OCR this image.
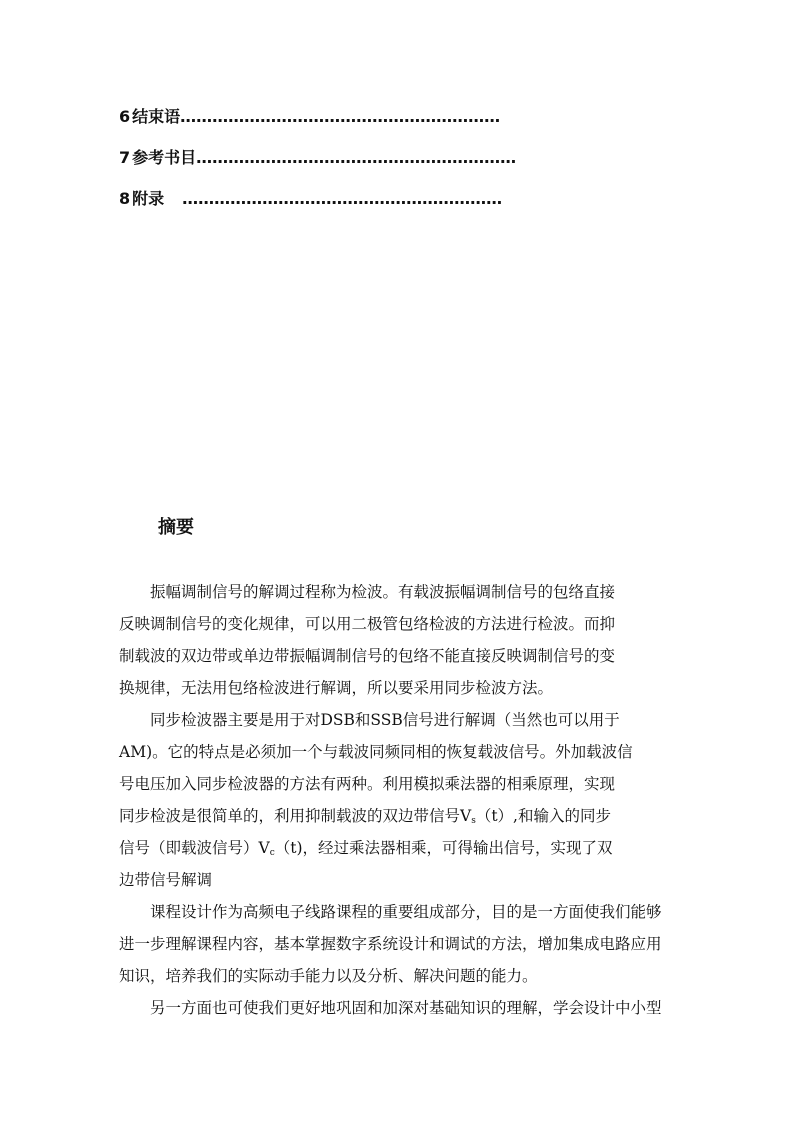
6 结束语 ……………………………………………………
7 参考书目 ……………………………………………………
8 附录 ……………………………………………………
摘要
振幅调制信号的解调过程称为检波。有载波振幅调制信号的包络直接
反映调制信号的变化规律，可以用二极管包络检波的方法进行检波。而抑
制载波的双边带或单边带振幅调制信号的包络不能直接反映调制信号的变
换规律，无法用包络检波进行解调，所以要采用同步检波方法。
同步检波器主要是用于对DSB和SSB信号进行解调（当然也可以用于
AM)。它的特点是必须加一个与载波同频同相的恢复载波信号。外加载波信
号电压加入同步检波器的方法有两种。利用模拟乘法器的相乘原理，实现
同步检波是很简单的，利用抑制载波的双边带信号$V_s(t)$,和输入的同步
信号（即载波信号）$V_c(t)$，经过乘法器相乘，可得输出信号，实现了双
边带信号解调
课程设计作为高频电子线路课程的重要组成部分，目的是一方面使我们能够
进一步理解课程内容，基本掌握数字系统设计和调试的方法，增加集成电路应用
知识，培养我们的实际动手能力以及分析、解决问题的能力。
另一方面也可使我们更好地巩固和加深对基础知识的理解，学会设计中小型
